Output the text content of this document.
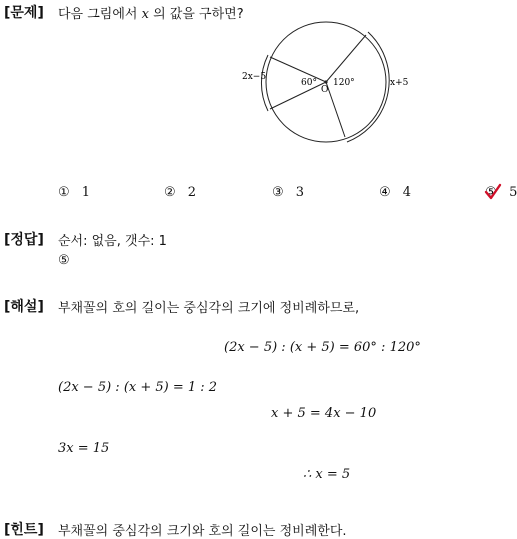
[문제] 다음 그림에서 x 의 값을 구하면?
2x−5
x+5
60° 120°
O
① 1	② 2	③ 3	④ 4	⑤ 5
[정답] 순서: 없음, 갯수: 1
⑤
[해설] 부채꼴의 호의 길이는 중심각의 크기에 정비례하므로,
(2x − 5) : (x + 5) = 60° : 120°
(2x − 5) : (x + 5) = 1 : 2
x + 5 = 4x − 10
3x = 15
∴ x = 5
[힌트] 부채꼴의 중심각의 크기와 호의 길이는 정비례한다.
